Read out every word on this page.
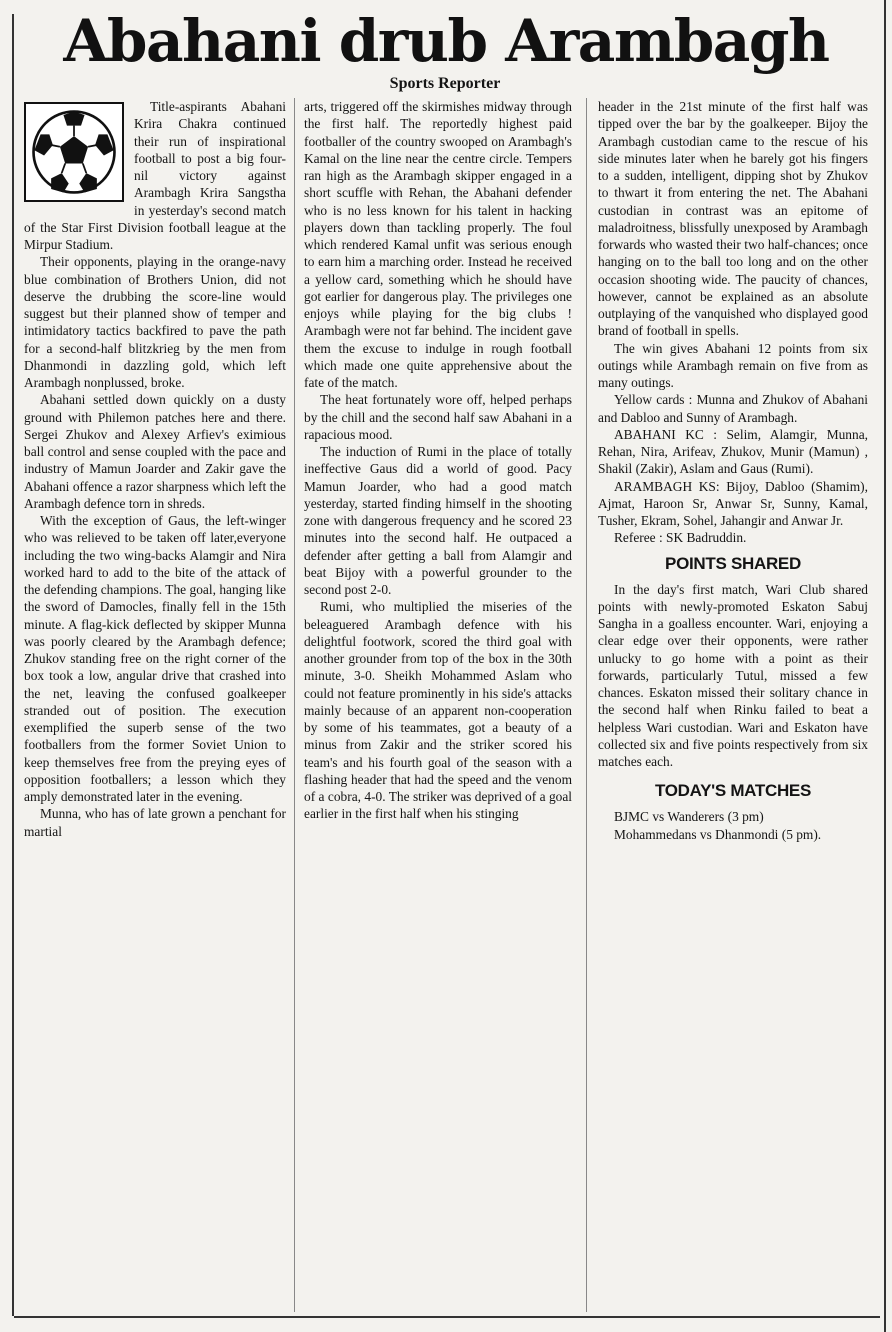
Abahani drub Arambagh
Sports Reporter

Title-aspirants Abahani Krira Chakra continued their run of inspirational football to post a big four-nil victory against Arambagh Krira Sangstha in yesterday's second match of the Star First Division football league at the Mirpur Stadium.

Their opponents, playing in the orange-navy blue combination of Brothers Union, did not deserve the drubbing the score-line would suggest but their planned show of temper and intimidatory tactics backfired to pave the path for a second-half blitzkrieg by the men from Dhanmondi in dazzling gold, which left Arambagh nonplussed, broke.

Abahani settled down quickly on a dusty ground with Philemon patches here and there. Sergei Zhukov and Alexey Arfiev's eximious ball control and sense coupled with the pace and industry of Mamun Joarder and Zakir gave the Abahani offence a razor sharpness which left the Arambagh defence torn in shreds.

With the exception of Gaus, the left-winger who was relieved to be taken off later,everyone including the two wing-backs Alamgir and Nira worked hard to add to the bite of the attack of the defending champions. The goal, hanging like the sword of Damocles, finally fell in the 15th minute. A flag-kick deflected by skipper Munna was poorly cleared by the Arambagh defence; Zhukov standing free on the right corner of the box took a low, angular drive that crashed into the net, leaving the confused goalkeeper stranded out of position. The execution exemplified the superb sense of the two footballers from the former Soviet Union to keep themselves free from the preying eyes of opposition footballers; a lesson which they amply demonstrated later in the evening.

Munna, who has of late grown a penchant for martial

arts, triggered off the skirmishes midway through the first half. The reportedly highest paid footballer of the country swooped on Arambagh's Kamal on the line near the centre circle. Tempers ran high as the Arambagh skipper engaged in a short scuffle with Rehan, the Abahani defender who is no less known for his talent in hacking players down than tackling properly. The foul which rendered Kamal unfit was serious enough to earn him a marching order. Instead he received a yellow card, something which he should have got earlier for dangerous play. The privileges one enjoys while playing for the big clubs ! Arambagh were not far behind. The incident gave them the excuse to indulge in rough football which made one quite apprehensive about the fate of the match.

The heat fortunately wore off, helped perhaps by the chill and the second half saw Abahani in a rapacious mood.

The induction of Rumi in the place of totally ineffective Gaus did a world of good. Pacy Mamun Joarder, who had a good match yesterday, started finding himself in the shooting zone with dangerous frequency and he scored 23 minutes into the second half. He outpaced a defender after getting a ball from Alamgir and beat Bijoy with a powerful grounder to the second post 2-0.

Rumi, who multiplied the miseries of the beleaguered Arambagh defence with his delightful footwork, scored the third goal with another grounder from top of the box in the 30th minute, 3-0. Sheikh Mohammed Aslam who could not feature prominently in his side's attacks mainly because of an apparent non-cooperation by some of his teammates, got a beauty of a minus from Zakir and the striker scored his team's and his fourth goal of the season with a flashing header that had the speed and the venom of a cobra, 4-0. The striker was deprived of a goal earlier in the first half when his stinging

header in the 21st minute of the first half was tipped over the bar by the goalkeeper. Bijoy the Arambagh custodian came to the rescue of his side minutes later when he barely got his fingers to a sudden, intelligent, dipping shot by Zhukov to thwart it from entering the net. The Abahani custodian in contrast was an epitome of maladroitness, blissfully unexposed by Arambagh forwards who wasted their two half-chances; once hanging on to the ball too long and on the other occasion shooting wide. The paucity of chances, however, cannot be explained as an absolute outplaying of the vanquished who displayed good brand of football in spells.

The win gives Abahani 12 points from six outings while Arambagh remain on five from as many outings.

Yellow cards : Munna and Zhukov of Abahani and Dabloo and Sunny of Arambagh.

ABAHANI KC : Selim, Alamgir, Munna, Rehan, Nira, Arifeav, Zhukov, Munir (Mamun) , Shakil (Zakir), Aslam and Gaus (Rumi).

ARAMBAGH KS: Bijoy, Dabloo (Shamim), Ajmat, Haroon Sr, Anwar Sr, Sunny, Kamal, Tusher, Ekram, Sohel, Jahangir and Anwar Jr.

Referee : SK Badruddin.

POINTS SHARED

In the day's first match, Wari Club shared points with newly-promoted Eskaton Sabuj Sangha in a goalless encounter. Wari, enjoying a clear edge over their opponents, were rather unlucky to go home with a point as their forwards, particularly Tutul, missed a few chances. Eskaton missed their solitary chance in the second half when Rinku failed to beat a helpless Wari custodian. Wari and Eskaton have collected six and five points respectively from six matches each.

TODAY'S MATCHES

BJMC vs Wanderers (3 pm)

Mohammedans vs Dhanmondi (5 pm).
